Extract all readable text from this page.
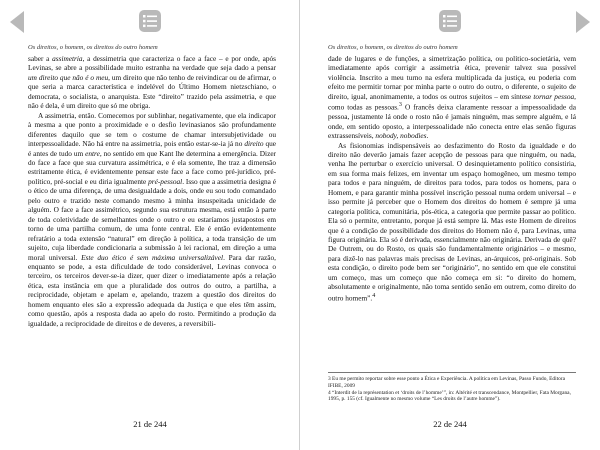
Os direitos, o homem, os direitos do outro homem

saber a assimetria, a dessimetria que caracteriza o face a face – e por onde, após Levinas, se abre a possibilidade muito estranha na verdade que seja dado a pensar um direito que não é o meu, um direito que não tenho de reivindicar ou de afirmar, o que seria a marca característica e indelével do Último Homem nietzschiano, o democrata, o socialista, o anarquista. Este “direito” trazido pela assimetria, e que não é dela, é um direito que só me obriga.

A assimetria, então. Comecemos por sublinhar, negativamente, que ela indicapor à mesma a que ponto a proximidade e o desfio levinasianos são profundamente diferentes daquilo que se tem o costume de chamar intersubjetividade ou interpessoalidade. Não há entre na assimetria, pois então estar-se-ia já no direito que é antes de tudo um entre, no sentido em que Kant lhe determina a emergência. Dizer do face a face que sua curvatura assimétrica, e é ela somente, lhe traz a dimensão estritamente ética, é evidentemente pensar este face a face como pré-jurídico, pré-político, pré-social e eu diria igualmente pré-pessoal. Isso que a assimetria designa é o ético de uma diferença, de uma desigualdade a dois, onde eu sou todo comandado pelo outro e trazido neste comando mesmo à minha insuspeitada unicidade de alguém. O face a face assimétrico, segundo sua estrutura mesma, está então à parte de toda coletividade de semelhantes onde o outro e eu estaríamos justapostos em torno de uma partilha comum, de uma fonte central. Ele é então evidentemente refratário a toda extensão “natural” em direção à política, a toda transição de um sujeito, cuja liberdade condicionaria a submissão à lei racional, em direção a uma moral universal. Este duo ético é sem máxima universalizável. Para dar razão, enquanto se pode, a esta dificuldade de todo considerável, Levinas convoca o terceiro, os terceiros dever-se-ia dizer, quer dizer o imediatamente após a relação ética, esta instância em que a pluralidade dos outros do outro, a partilha, a reciprocidade, objetam e apelam e, apelando, trazem a questão dos direitos do homem enquanto eles são a expressão adequada da Justiça e que eles têm assim, como questão, após a resposta dada ao apelo do rosto. Permitindo a produção da igualdade, a reciprocidade de direitos e de deveres, a reversibili-

21 de 244
Os direitos, o homem, os direitos do outro homem

dade de lugares e de funções, a simetrização política, ou político-societária, vem imediatamente após corrigir a assimetria ética, prevenir talvez sua possível violência. Inscrito a meu turno na esfera multiplicada da justiça, eu poderia com efeito me permitir tornar por minha parte o outro do outro, o diferente, o sujeito de direito, igual, anonimamente, a todos os outros sujeitos – em síntese tornar pessoa, como todas as pessoas.$^3$ O francês deixa claramente ressoar a impessoalidade da pessoa, justamente lá onde o rosto não é jamais ninguém, mas sempre alguém, e lá onde, em sentido oposto, a interpessoalidade não conecta entre elas senão figuras extrassensíveis, nobody, nobodies.

As fisionomias indispensáveis ao desfazimento do Rosto da igualdade e do direito não deverão jamais fazer acepção de pessoas para que ninguém, ou nada, venha lhe perturbar o exercício universal. O desinquietamento político consistiria, em sua forma mais felizes, em inventar um espaço homogêneo, um mesmo tempo para todos e para ninguém, de direitos para todos, para todos os homens, para o Homem, e para garantir minha possível inscrição pessoal numa ordem universal – e isso permite já perceber que o Homem dos direitos do homem é sempre já uma categoria política, comunitária, pós-ética, a categoria que permite passar ao político. Ela só o permite, entretanto, porque já está sempre lá. Mas este Homem de direitos que é a condição de possibilidade dos direitos do Homem não é, para Levinas, uma figura originária. Ela só é derivada, essencialmente não originária. Derivada de quê? De Outrem, ou do Rosto, os quais são fundamentalmente originários – e mesmo, para dizê-lo nas palavras mais precisas de Levinas, an-árquicos, pré-originais. Sob esta condição, o direito pode bem ser “originário”, no sentido em que ele constitui um começo, mas um começo que não começa em si: “o direito do homem, absolutamente e originalmente, não toma sentido senão em outrem, como direito do outro homem”.$^4$

3 Eu me permito reportar sobre esse ponto a Ética e Experiência. A política em Levinas, Passo Fundo, Editora IFIBE, 2009

4 “Interdit de la représentation et ‘droits de l’homme’”, in: Altérité et transcendance, Montpellier, Fata Morgana, 1995, p. 155 (cf. Igualmente no mesmo volume “Les droits de l’autre homme”).

22 de 244
